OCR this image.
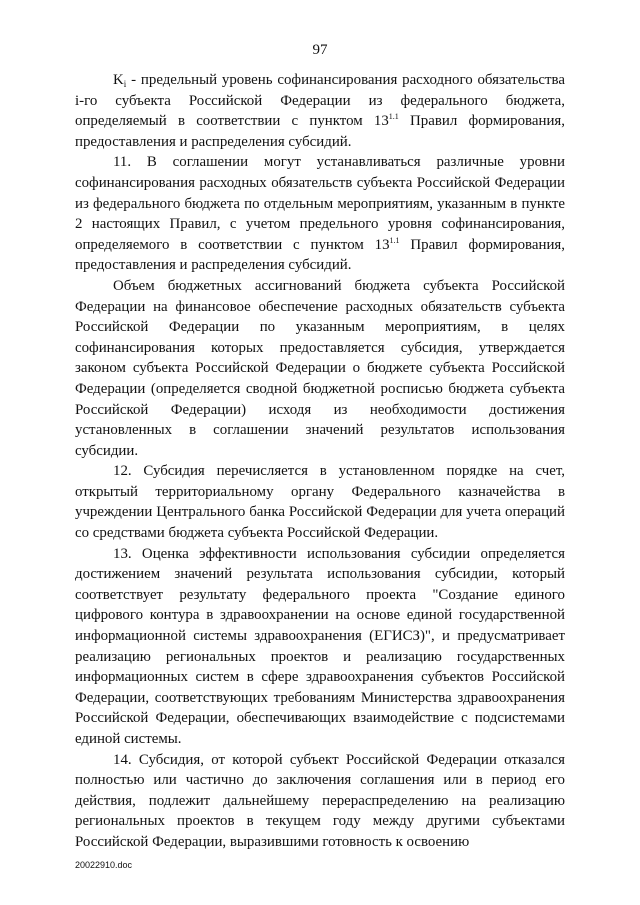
97

$K_i$ - предельный уровень софинансирования расходного обязательства i-го субъекта Российской Федерации из федерального бюджета, определяемый в соответствии с пунктом $13^{1.1}$ Правил формирования, предоставления и распределения субсидий.

11. В соглашении могут устанавливаться различные уровни софинансирования расходных обязательств субъекта Российской Федерации из федерального бюджета по отдельным мероприятиям, указанным в пункте 2 настоящих Правил, с учетом предельного уровня софинансирования, определяемого в соответствии с пунктом $13^{1.1}$ Правил формирования, предоставления и распределения субсидий.

Объем бюджетных ассигнований бюджета субъекта Российской Федерации на финансовое обеспечение расходных обязательств субъекта Российской Федерации по указанным мероприятиям, в целях софинансирования которых предоставляется субсидия, утверждается законом субъекта Российской Федерации о бюджете субъекта Российской Федерации (определяется сводной бюджетной росписью бюджета субъекта Российской Федерации) исходя из необходимости достижения установленных в соглашении значений результатов использования субсидии.

12. Субсидия перечисляется в установленном порядке на счет, открытый территориальному органу Федерального казначейства в учреждении Центрального банка Российской Федерации для учета операций со средствами бюджета субъекта Российской Федерации.

13. Оценка эффективности использования субсидии определяется достижением значений результата использования субсидии, который соответствует результату федерального проекта "Создание единого цифрового контура в здравоохранении на основе единой государственной информационной системы здравоохранения (ЕГИСЗ)", и предусматривает реализацию региональных проектов и реализацию государственных информационных систем в сфере здравоохранения субъектов Российской Федерации, соответствующих требованиям Министерства здравоохранения Российской Федерации, обеспечивающих взаимодействие с подсистемами единой системы.

14. Субсидия, от которой субъект Российской Федерации отказался полностью или частично до заключения соглашения или в период его действия, подлежит дальнейшему перераспределению на реализацию региональных проектов в текущем году между другими субъектами Российской Федерации, выразившими готовность к освоению

20022910.doc
